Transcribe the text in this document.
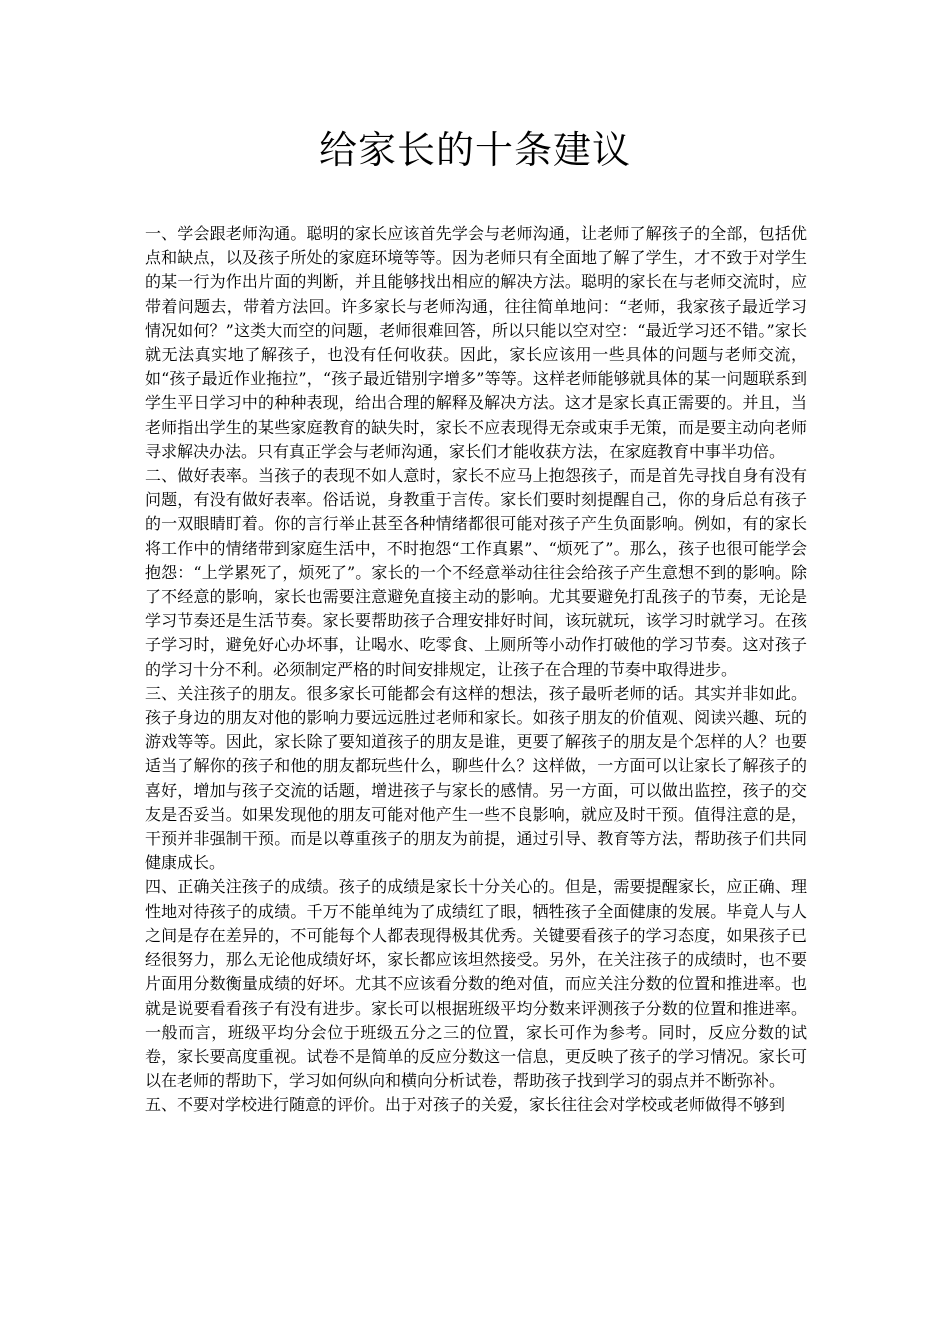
给家长的十条建议

一、学会跟老师沟通。聪明的家长应该首先学会与老师沟通，让老师了解孩子的全部，包括优点和缺点，以及孩子所处的家庭环境等等。因为老师只有全面地了解了学生，才不致于对学生的某一行为作出片面的判断，并且能够找出相应的解决方法。聪明的家长在与老师交流时，应带着问题去，带着方法回。许多家长与老师沟通，往往简单地问：“老师，我家孩子最近学习情况如何？”这类大而空的问题，老师很难回答，所以只能以空对空：“最近学习还不错。”家长就无法真实地了解孩子，也没有任何收获。因此，家长应该用一些具体的问题与老师交流，如“孩子最近作业拖拉”，“孩子最近错别字增多”等等。这样老师能够就具体的某一问题联系到学生平日学习中的种种表现，给出合理的解释及解决方法。这才是家长真正需要的。并且，当老师指出学生的某些家庭教育的缺失时，家长不应表现得无奈或束手无策，而是要主动向老师寻求解决办法。只有真正学会与老师沟通，家长们才能收获方法，在家庭教育中事半功倍。

二、做好表率。当孩子的表现不如人意时，家长不应马上抱怨孩子，而是首先寻找自身有没有问题，有没有做好表率。俗话说，身教重于言传。家长们要时刻提醒自己，你的身后总有孩子的一双眼睛盯着。你的言行举止甚至各种情绪都很可能对孩子产生负面影响。例如，有的家长将工作中的情绪带到家庭生活中，不时抱怨“工作真累”、“烦死了”。那么，孩子也很可能学会抱怨：“上学累死了，烦死了”。家长的一个不经意举动往往会给孩子产生意想不到的影响。除了不经意的影响，家长也需要注意避免直接主动的影响。尤其要避免打乱孩子的节奏，无论是学习节奏还是生活节奏。家长要帮助孩子合理安排好时间，该玩就玩，该学习时就学习。在孩子学习时，避免好心办坏事，让喝水、吃零食、上厕所等小动作打破他的学习节奏。这对孩子的学习十分不利。必须制定严格的时间安排规定，让孩子在合理的节奏中取得进步。

三、关注孩子的朋友。很多家长可能都会有这样的想法，孩子最听老师的话。其实并非如此。孩子身边的朋友对他的影响力要远远胜过老师和家长。如孩子朋友的价值观、阅读兴趣、玩的游戏等等。因此，家长除了要知道孩子的朋友是谁，更要了解孩子的朋友是个怎样的人？也要适当了解你的孩子和他的朋友都玩些什么，聊些什么？这样做，一方面可以让家长了解孩子的喜好，增加与孩子交流的话题，增进孩子与家长的感情。另一方面，可以做出监控，孩子的交友是否妥当。如果发现他的朋友可能对他产生一些不良影响，就应及时干预。值得注意的是，干预并非强制干预。而是以尊重孩子的朋友为前提，通过引导、教育等方法，帮助孩子们共同健康成长。

四、正确关注孩子的成绩。孩子的成绩是家长十分关心的。但是，需要提醒家长，应正确、理性地对待孩子的成绩。千万不能单纯为了成绩红了眼，牺牲孩子全面健康的发展。毕竟人与人之间是存在差异的，不可能每个人都表现得极其优秀。关键要看孩子的学习态度，如果孩子已经很努力，那么无论他成绩好坏，家长都应该坦然接受。另外，在关注孩子的成绩时，也不要片面用分数衡量成绩的好坏。尤其不应该看分数的绝对值，而应关注分数的位置和推进率。也就是说要看看孩子有没有进步。家长可以根据班级平均分数来评测孩子分数的位置和推进率。一般而言，班级平均分会位于班级五分之三的位置，家长可作为参考。同时，反应分数的试卷，家长要高度重视。试卷不是简单的反应分数这一信息，更反映了孩子的学习情况。家长可以在老师的帮助下，学习如何纵向和横向分析试卷，帮助孩子找到学习的弱点并不断弥补。

五、不要对学校进行随意的评价。出于对孩子的关爱，家长往往会对学校或老师做得不够到
